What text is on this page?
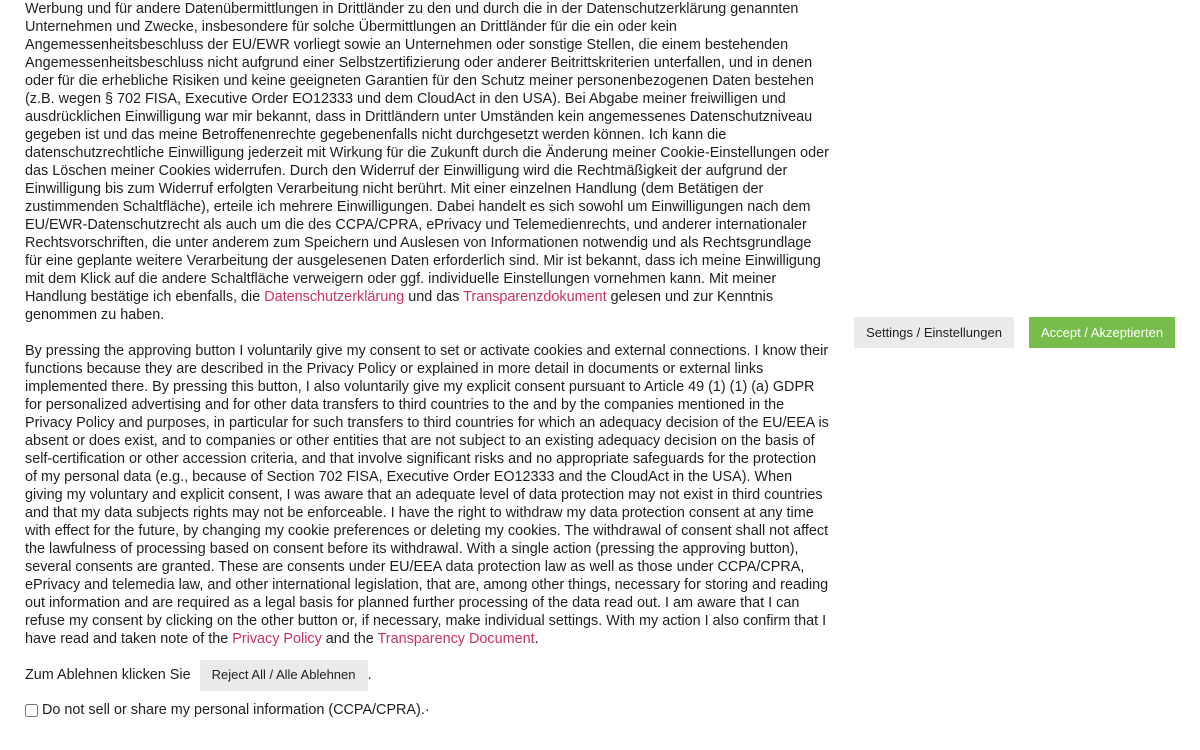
Werbung und für andere Datenübermittlungen in Drittländer zu den und durch die in der Datenschutzerklärung genannten Unternehmen und Zwecke, insbesondere für solche Übermittlungen an Drittländer für die ein oder kein Angemessenheitsbeschluss der EU/EWR vorliegt sowie an Unternehmen oder sonstige Stellen, die einem bestehenden Angemessenheitsbeschluss nicht aufgrund einer Selbstzertifizierung oder anderer Beitrittskriterien unterfallen, und in denen oder für die erhebliche Risiken und keine geeigneten Garantien für den Schutz meiner personenbezogenen Daten bestehen (z.B. wegen § 702 FISA, Executive Order EO12333 und dem CloudAct in den USA). Bei Abgabe meiner freiwilligen und ausdrücklichen Einwilligung war mir bekannt, dass in Drittländern unter Umständen kein angemessenes Datenschutzniveau gegeben ist und das meine Betroffenenrechte gegebenenfalls nicht durchgesetzt werden können. Ich kann die datenschutzrechtliche Einwilligung jederzeit mit Wirkung für die Zukunft durch die Änderung meiner Cookie-Einstellungen oder das Löschen meiner Cookies widerrufen. Durch den Widerruf der Einwilligung wird die Rechtmäßigkeit der aufgrund der Einwilligung bis zum Widerruf erfolgten Verarbeitung nicht berührt. Mit einer einzelnen Handlung (dem Betätigen der zustimmenden Schaltfläche), erteile ich mehrere Einwilligungen. Dabei handelt es sich sowohl um Einwilligungen nach dem EU/EWR-Datenschutzrecht als auch um die des CCPA/CPRA, ePrivacy und Telemedienrechts, und anderer internationaler Rechtsvorschriften, die unter anderem zum Speichern und Auslesen von Informationen notwendig und als Rechtsgrundlage für eine geplante weitere Verarbeitung der ausgelesenen Daten erforderlich sind. Mir ist bekannt, dass ich meine Einwilligung mit dem Klick auf die andere Schaltfläche verweigern oder ggf. individuelle Einstellungen vornehmen kann. Mit meiner Handlung bestätige ich ebenfalls, die Datenschutzerklärung und das Transparenzdokument gelesen und zur Kenntnis genommen zu haben.

By pressing the approving button I voluntarily give my consent to set or activate cookies and external connections. I know their functions because they are described in the Privacy Policy or explained in more detail in documents or external links implemented there. By pressing this button, I also voluntarily give my explicit consent pursuant to Article 49 (1) (1) (a) GDPR for personalized advertising and for other data transfers to third countries to the and by the companies mentioned in the Privacy Policy and purposes, in particular for such transfers to third countries for which an adequacy decision of the EU/EEA is absent or does exist, and to companies or other entities that are not subject to an existing adequacy decision on the basis of self-certification or other accession criteria, and that involve significant risks and no appropriate safeguards for the protection of my personal data (e.g., because of Section 702 FISA, Executive Order EO12333 and the CloudAct in the USA). When giving my voluntary and explicit consent, I was aware that an adequate level of data protection may not exist in third countries and that my data subjects rights may not be enforceable. I have the right to withdraw my data protection consent at any time with effect for the future, by changing my cookie preferences or deleting my cookies. The withdrawal of consent shall not affect the lawfulness of processing based on consent before its withdrawal. With a single action (pressing the approving button), several consents are granted. These are consents under EU/EEA data protection law as well as those under CCPA/CPRA, ePrivacy and telemedia law, and other international legislation, that are, among other things, necessary for storing and reading out information and are required as a legal basis for planned further processing of the data read out. I am aware that I can refuse my consent by clicking on the other button or, if necessary, make individual settings. With my action I also confirm that I have read and taken note of the Privacy Policy and the Transparency Document.

Zum Ablehnen klicken Sie	Reject All / Alle Ablehnen .
Do not sell or share my personal information (CCPA/CPRA). ·
Settings / Einstellungen	Accept / Akzeptierten
